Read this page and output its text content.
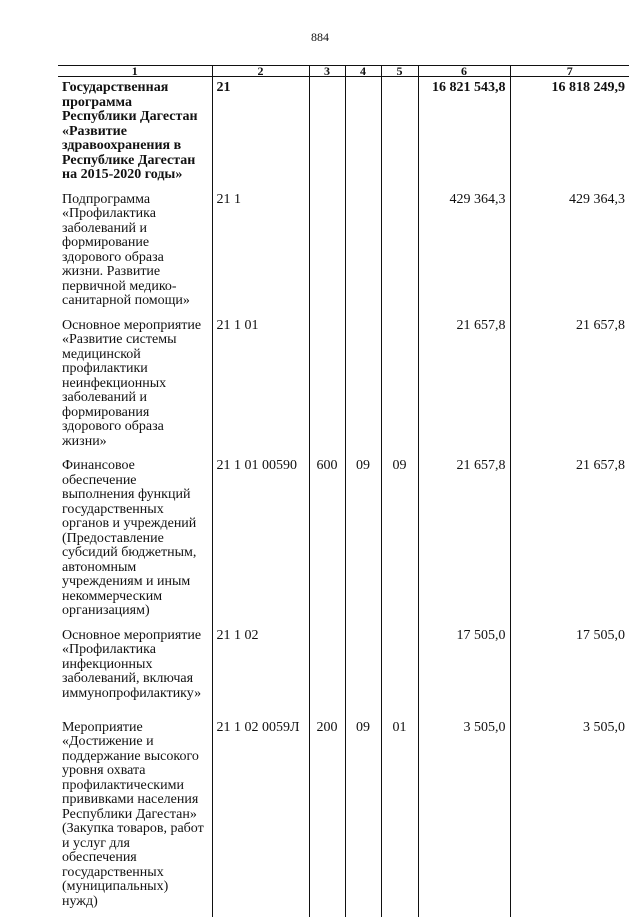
884
1	2	3	4	5	6	7
Государственная программа Республики Дагестан «Развитие здравоохранения в Республике Дагестан на 2015-2020 годы»	21				16 821 543,8	16 818 249,9
Подпрограмма «Профилактика заболеваний и формирование здорового образа жизни. Развитие первичной медико-санитарной помощи»	21 1				429 364,3	429 364,3
Основное мероприятие «Развитие системы медицинской профилактики неинфекционных заболеваний и формирования здорового образа жизни»	21 1 01				21 657,8	21 657,8
Финансовое обеспечение выполнения функций государственных органов и учреждений (Предоставление субсидий бюджетным, автономным учреждениям и иным некоммерческим организациям)	21 1 01 00590	600	09	09	21 657,8	21 657,8
Основное мероприятие «Профилактика инфекционных заболеваний, включая иммунопрофилактику»	21 1 02				17 505,0	17 505,0
Мероприятие «Достижение и поддержание высокого уровня охвата профилактическими прививками населения Республики Дагестан» (Закупка товаров, работ и услуг для обеспечения государственных (муниципальных) нужд)	21 1 02 0059Л	200	09	01	3 505,0	3 505,0
